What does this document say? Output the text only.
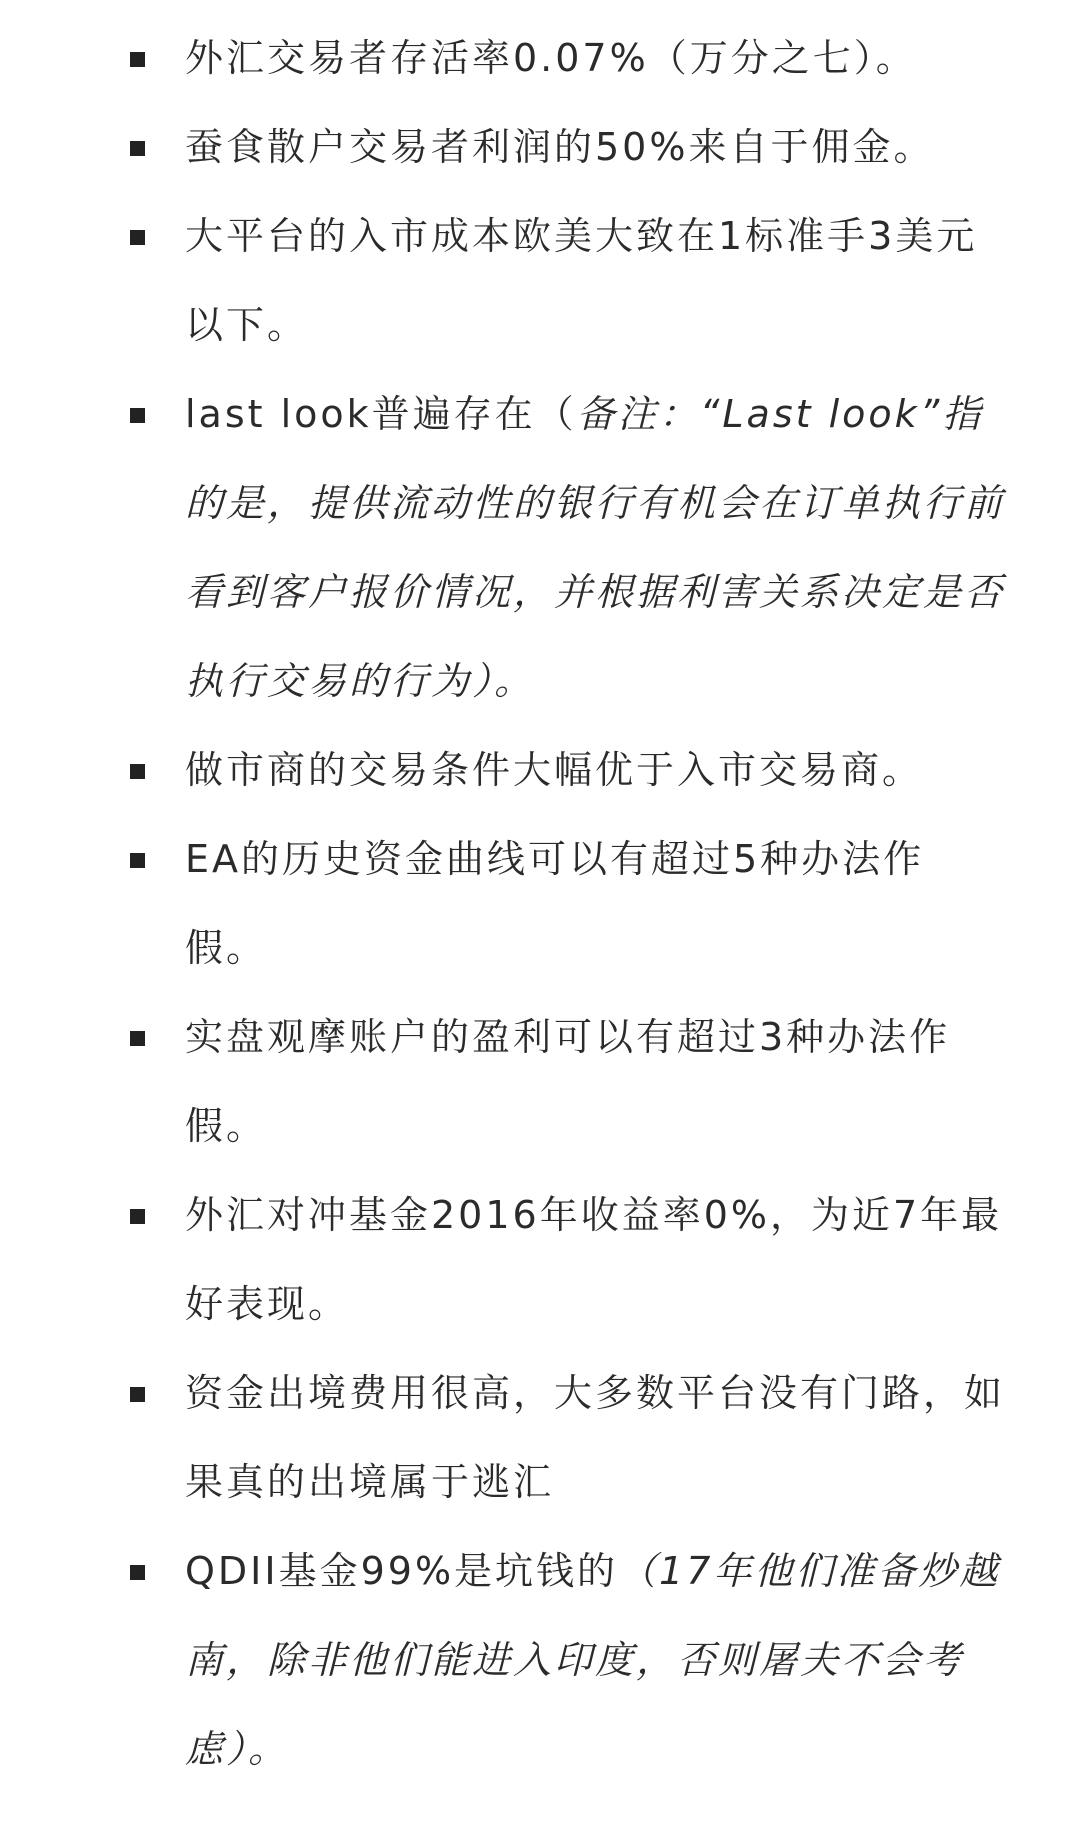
外汇交易者存活率0.07%（万分之七）。
蚕食散户交易者利润的50%来自于佣金。
大平台的入市成本欧美大致在1标准手3美元以下。
last look普遍存在（备注：“Last look”指的是，提供流动性的银行有机会在订单执行前看到客户报价情况，并根据利害关系决定是否执行交易的行为）。
做市商的交易条件大幅优于入市交易商。
EA的历史资金曲线可以有超过5种办法作假。
实盘观摩账户的盈利可以有超过3种办法作假。
外汇对冲基金2016年收益率0%，为近7年最好表现。
资金出境费用很高，大多数平台没有门路，如果真的出境属于逃汇
QDII基金99%是坑钱的（17年他们准备炒越南，除非他们能进入印度，否则屠夫不会考虑）。
